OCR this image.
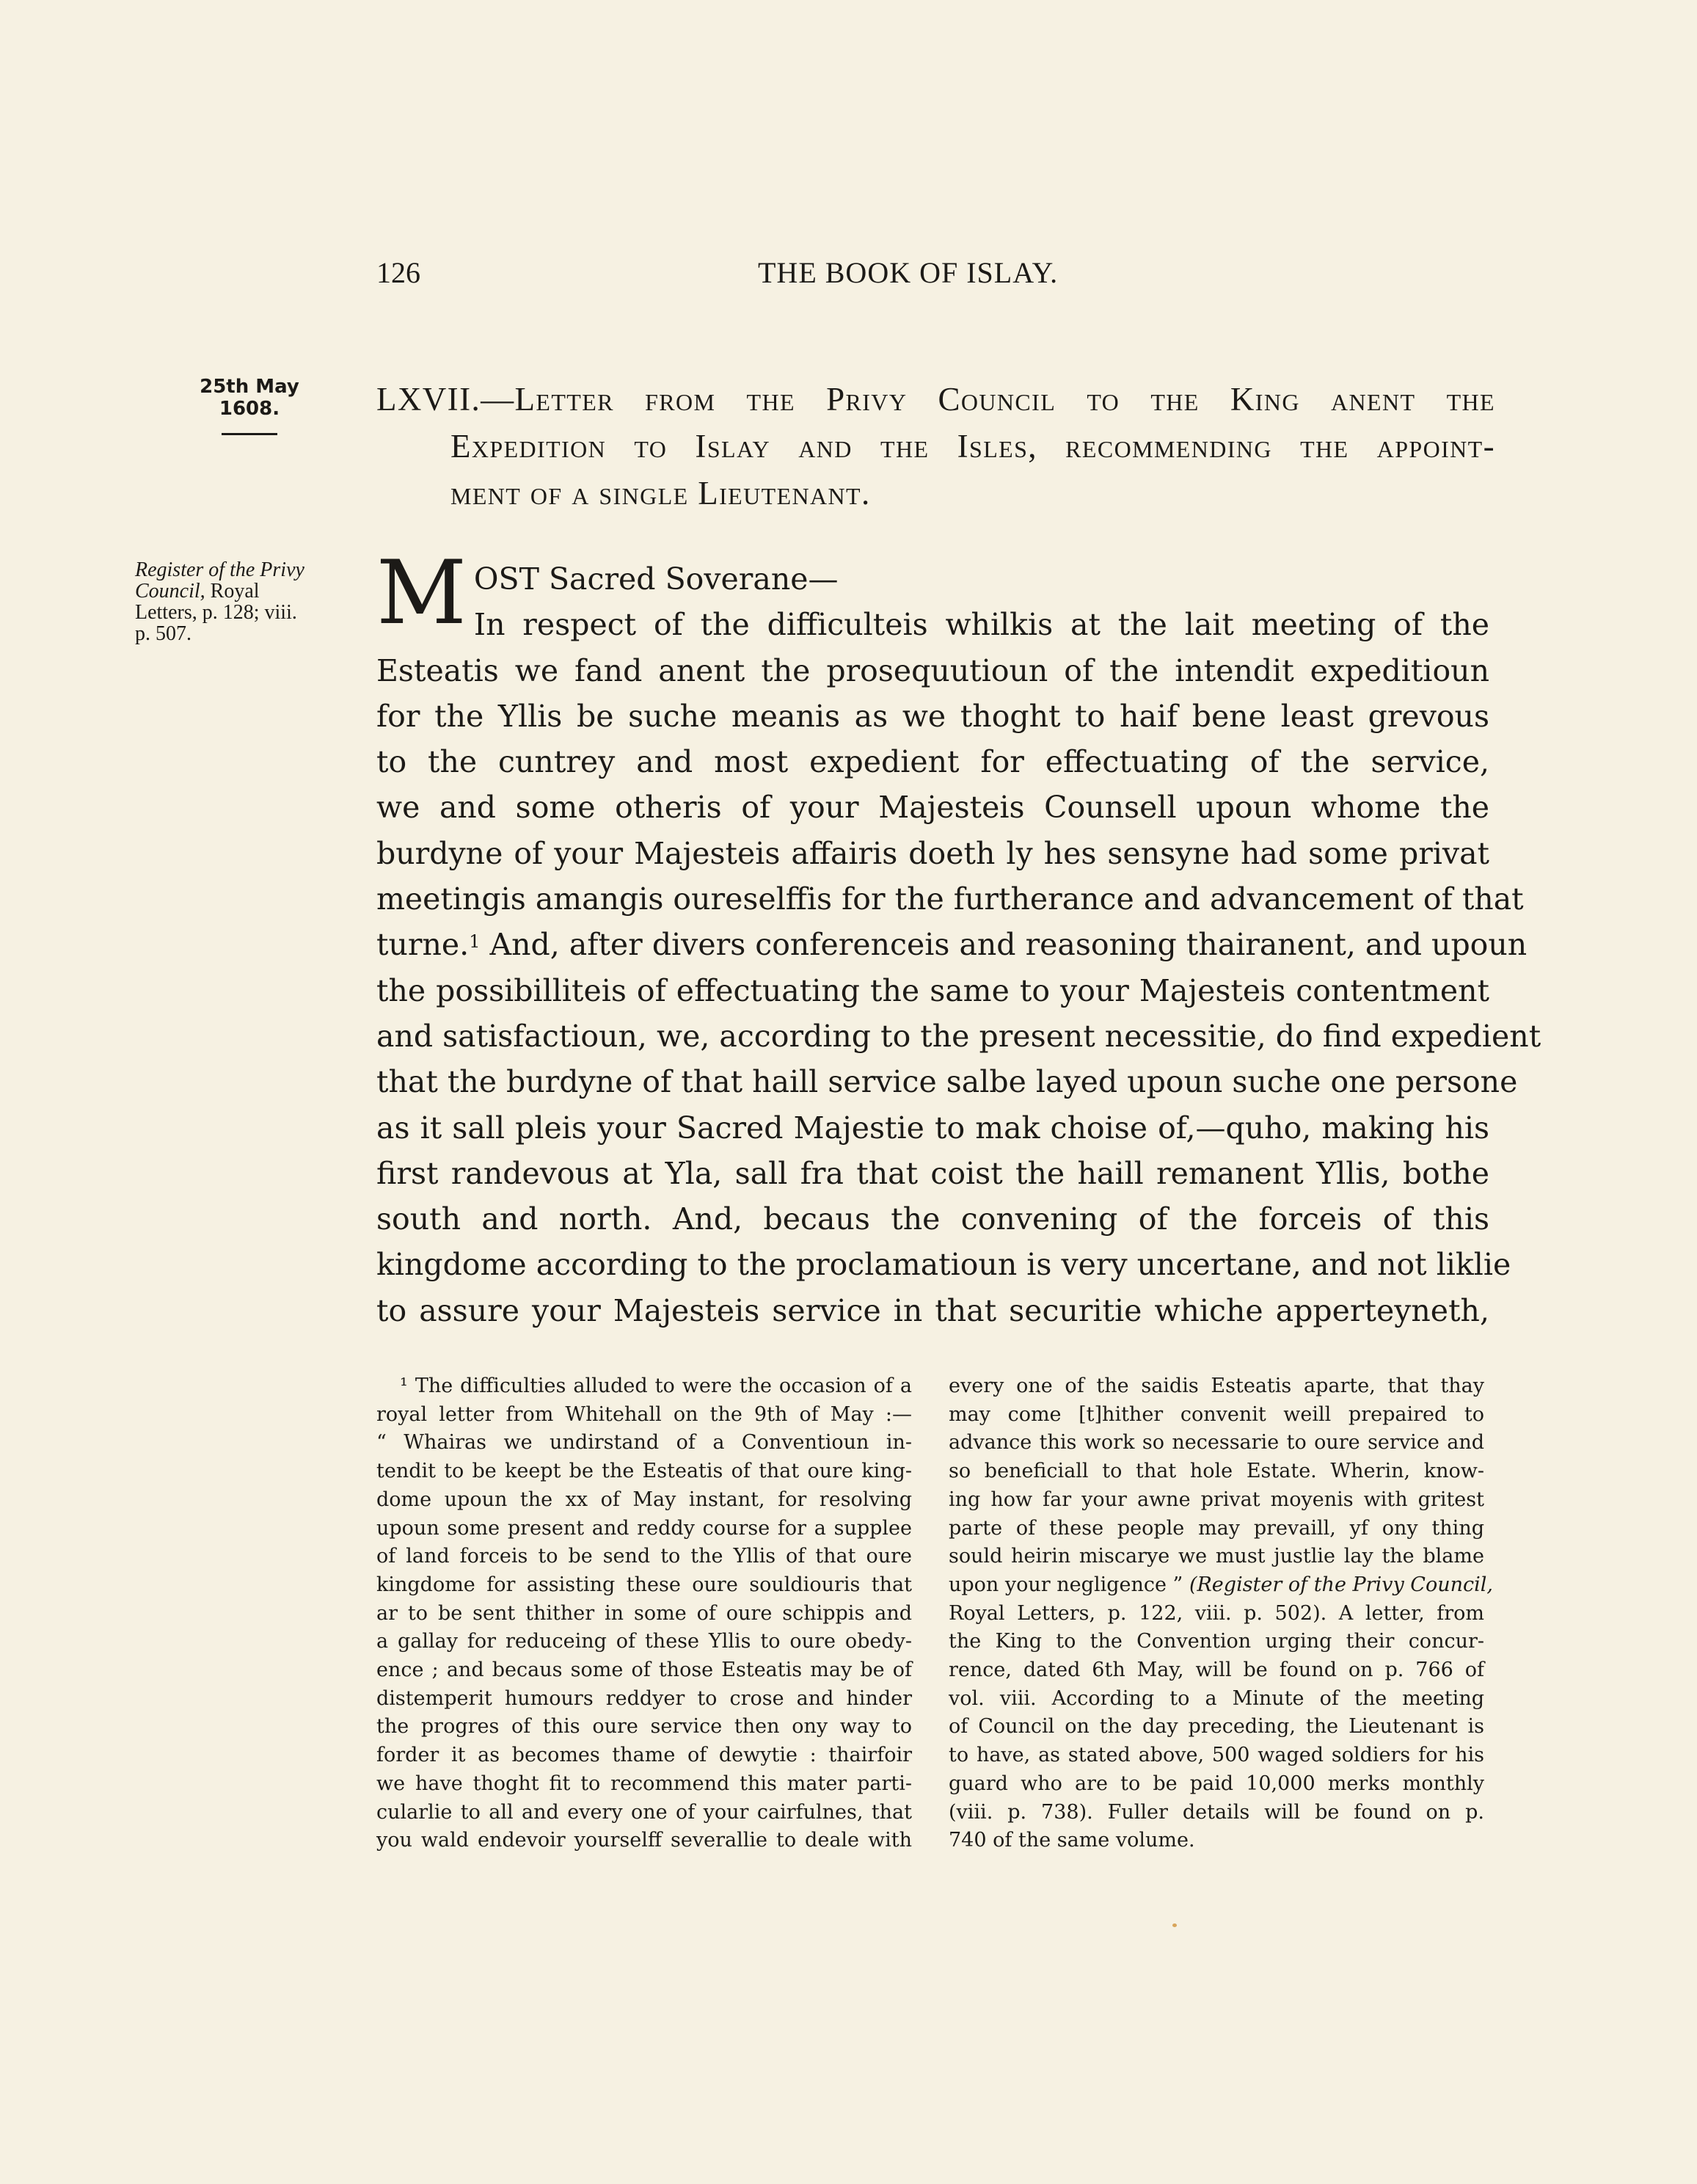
126	THE BOOK OF ISLAY.
25th May
1608.	LXVII.—Letter from the Privy Council to the King anent the
Expedition to Islay and the Isles, recommending the appoint-
ment of a single Lieutenant.
Register of the Privy
Council, Royal
Letters, p. 128; viii.
p. 507.	M OST Sacred Soverane—
In respect of the difficulteis whilkis at the lait meeting of the
Esteatis we fand anent the prosequutioun of the intendit expeditioun
for the Yllis be suche meanis as we thoght to haif bene least grevous
to the cuntrey and most expedient for effectuating of the service,
we and some otheris of your Majesteis Counsell upoun whome the
burdyne of your Majesteis affairis doeth ly hes sensyne had some privat
meetingis amangis oureselffis for the furtherance and advancement of that
turne.$^1$ And, after divers conferenceis and reasoning thairanent, and upoun
the possibilliteis of effectuating the same to your Majesteis contentment
and satisfactioun, we, according to the present necessitie, do find expedient
that the burdyne of that haill service salbe layed upoun suche one persone
as it sall pleis your Sacred Majestie to mak choise of,—quho, making his
first randevous at Yla, sall fra that coist the haill remanent Yllis, bothe
south and north. And, becaus the convening of the forceis of this
kingdome according to the proclamatioun is very uncertane, and not liklie
to assure your Majesteis service in that securitie whiche apperteyneth,
¹ The difficulties alluded to were the occasion of a
royal letter from Whitehall on the 9th of May :—
“ Whairas we undirstand of a Conventioun in-
tendit to be keept be the Esteatis of that oure king-
dome upoun the xx of May instant, for resolving
upoun some present and reddy course for a supplee
of land forceis to be send to the Yllis of that oure
kingdome for assisting these oure souldiouris that
ar to be sent thither in some of oure schippis and
a gallay for reduceing of these Yllis to oure obedy-
ence ; and becaus some of those Esteatis may be of
distemperit humours reddyer to crose and hinder
the progres of this oure service then ony way to
forder it as becomes thame of dewytie : thairfoir
we have thoght fit to recommend this mater parti-
cularlie to all and every one of your cairfulnes, that
you wald endevoir yourselff severallie to deale with
every one of the saidis Esteatis aparte, that thay
may come [t]hither convenit weill prepaired to
advance this work so necessarie to oure service and
so beneficiall to that hole Estate. Wherin, know-
ing how far your awne privat moyenis with gritest
parte of these people may prevaill, yf ony thing
sould heirin miscarye we must justlie lay the blame
upon your negligence ” (Register of the Privy Council,
Royal Letters, p. 122, viii. p. 502). A letter, from
the King to the Convention urging their concur-
rence, dated 6th May, will be found on p. 766 of
vol. viii. According to a Minute of the meeting
of Council on the day preceding, the Lieutenant is
to have, as stated above, 500 waged soldiers for his
guard who are to be paid 10,000 merks monthly
(viii. p. 738). Fuller details will be found on p.
740 of the same volume.
